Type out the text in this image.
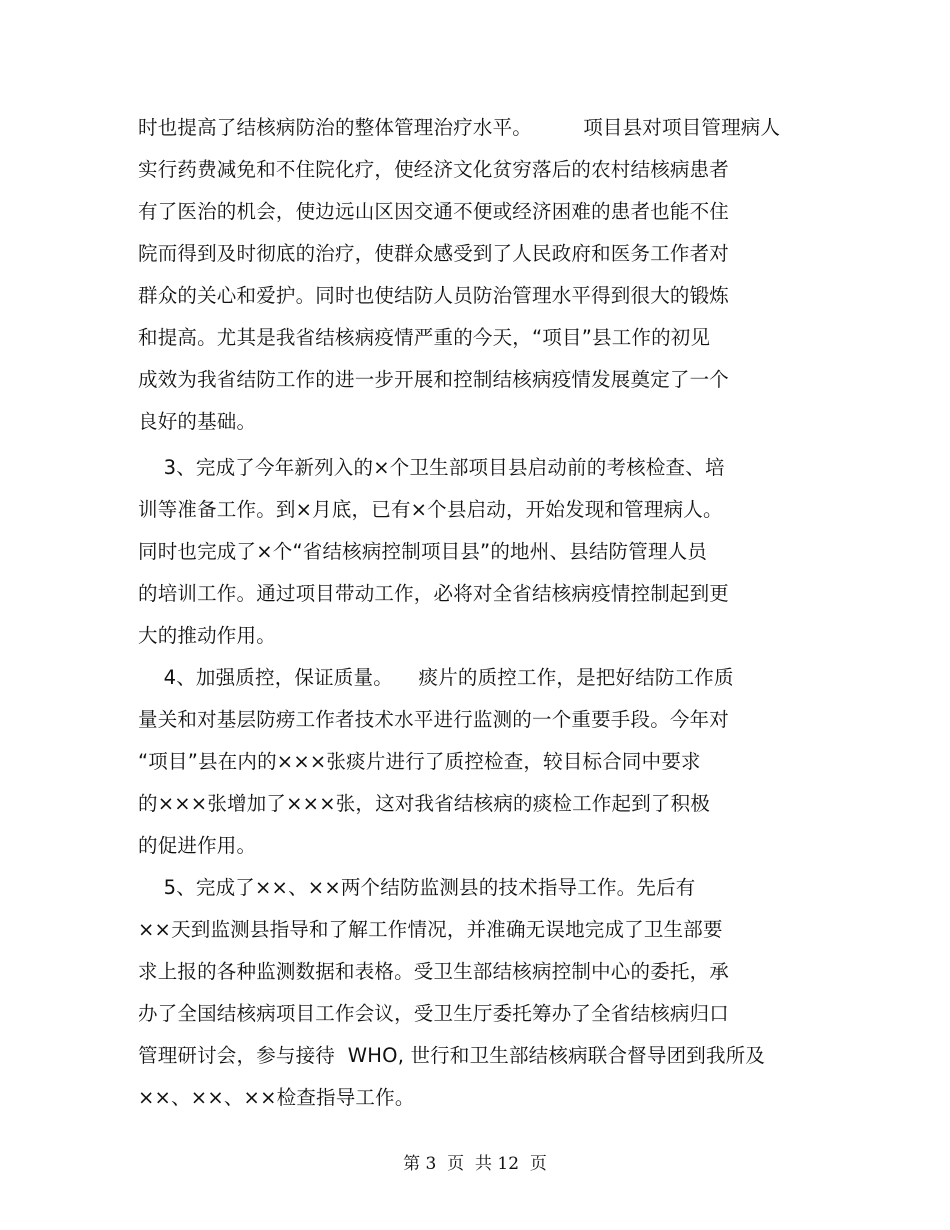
时也提高了结核病防治的整体管理治疗水平。        项目县对项目管理病人
实行药费减免和不住院化疗，使经济文化贫穷落后的农村结核病患者
有了医治的机会，使边远山区因交通不便或经济困难的患者也能不住
院而得到及时彻底的治疗，使群众感受到了人民政府和医务工作者对
群众的关心和爱护。同时也使结防人员防治管理水平得到很大的锻炼
和提高。尤其是我省结核病疫情严重的今天，“项目”县工作的初见
成效为我省结防工作的进一步开展和控制结核病疫情发展奠定了一个
良好的基础。
3、完成了今年新列入的×个卫生部项目县启动前的考核检查、培
训等准备工作。到×月底，已有×个县启动，开始发现和管理病人。
同时也完成了×个“省结核病控制项目县”的地州、县结防管理人员
的培训工作。通过项目带动工作，必将对全省结核病疫情控制起到更
大的推动作用。
4、加强质控，保证质量。    痰片的质控工作，是把好结防工作质
量关和对基层防痨工作者技术水平进行监测的一个重要手段。今年对
“项目”县在内的×××张痰片进行了质控检查，较目标合同中要求
的×××张增加了×××张，这对我省结核病的痰检工作起到了积极
的促进作用。
5、完成了××、××两个结防监测县的技术指导工作。先后有
××天到监测县指导和了解工作情况，并准确无误地完成了卫生部要
求上报的各种监测数据和表格。受卫生部结核病控制中心的委托，承
办了全国结核病项目工作会议，受卫生厅委托筹办了全省结核病归口
管理研讨会，参与接待  WHO, 世行和卫生部结核病联合督导团到我所及
××、××、××检查指导工作。
第 3  页  共 12  页
